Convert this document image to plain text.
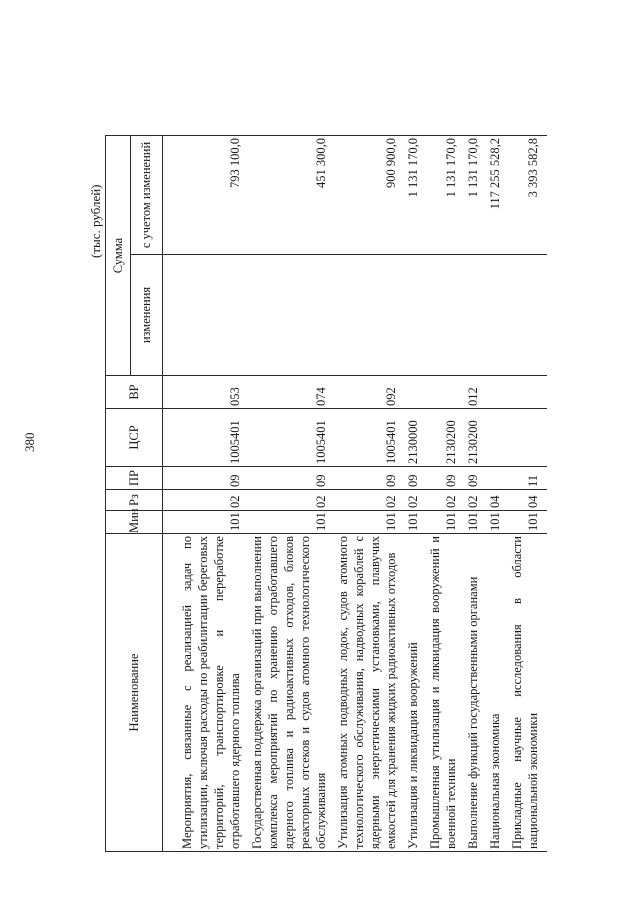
380
(тыс. рублей)
Наименование	Мин	Рз	ПР	ЦСР	ВР	Сумма	
						изменения	с учетом изменений
Мероприятия, связанные с реализацией задач по утилизации, включая расходы по реабилитации береговых территорий, транспортировке и переработке отработавшего ядерного топлива	101	02	09	1005401	053		793 100,0
Государственная поддержка организаций при выполнении комплекса мероприятий по хранению отработавшего ядерного топлива и радиоактивных отходов, блоков реакторных отсеков и судов атомного технологического обслуживания	101	02	09	1005401	074		451 300,0
Утилизация атомных подводных лодок, судов атомного технологического обслуживания, надводных кораблей с ядерными энергетическими установками, плавучих емкостей для хранения жидких радиоактивных отходов	101	02	09	1005401	092		900 900,0
Утилизация и ликвидация вооружений	101	02	09	2130000			1 131 170,0
Промышленная утилизация и ликвидация вооружений и военной техники	101	02	09	2130200			1 131 170,0
Выполнение функций государственными органами	101	02	09	2130200	012		1 131 170,0
Национальная экономика	101	04					117 255 528,2
Прикладные научные исследования в области национальной экономики	101	04	11				3 393 582,8
